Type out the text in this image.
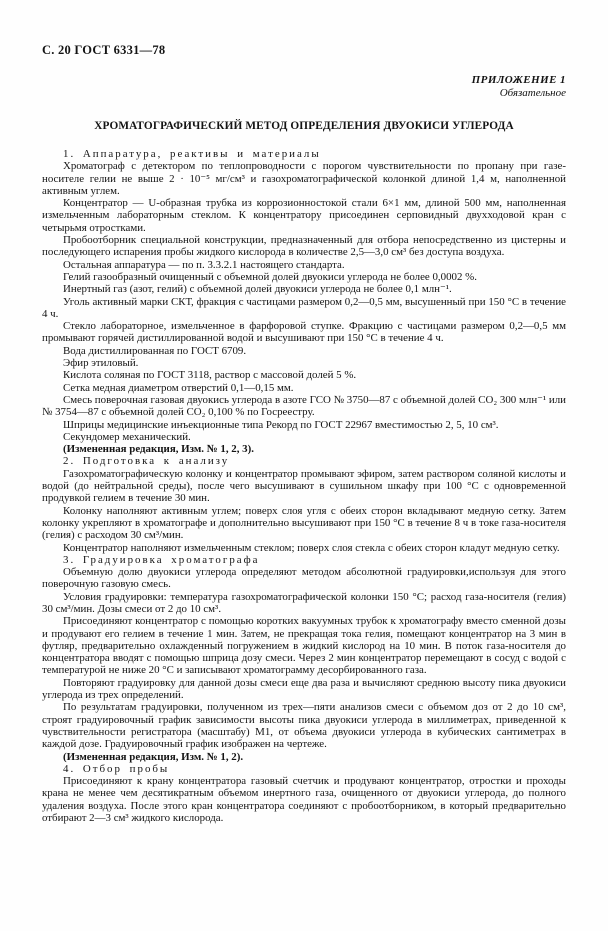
С. 20 ГОСТ 6331—78
ПРИЛОЖЕНИЕ 1
Обязательное
ХРОМАТОГРАФИЧЕСКИЙ МЕТОД ОПРЕДЕЛЕНИЯ ДВУОКИСИ УГЛЕРОДА
1. Аппаратура, реактивы и материалы
Хроматограф с детектором по теплопроводности с порогом чувствительности по пропану при газе-носителе гелии не выше 2 · 10⁻⁵ мг/см³ и газохроматографической колонкой длиной 1,4 м, наполненной активным углем.
Концентратор — U-образная трубка из коррозионностокой стали 6×1 мм, длиной 500 мм, наполненная измельченным лабораторным стеклом. К концентратору присоединен серповидный двухходовой кран с четырьмя отростками.
Пробоотборник специальной конструкции, предназначенный для отбора непосредственно из цистерны и последующего испарения пробы жидкого кислорода в количестве 2,5—3,0 см³ без доступа воздуха.
Остальная аппаратура — по п. 3.3.2.1 настоящего стандарта.
Гелий газообразный очищенный с объемной долей двуокиси углерода не более 0,0002 %.
Инертный газ (азот, гелий) с объемной долей двуокиси углерода не более 0,1 млн⁻¹.
Уголь активный марки СКТ, фракция с частицами размером 0,2—0,5 мм, высушенный при 150 °С в течение 4 ч.
Стекло лабораторное, измельченное в фарфоровой ступке. Фракцию с частицами размером 0,2—0,5 мм промывают горячей дистиллированной водой и высушивают при 150 °С в течение 4 ч.
Вода дистиллированная по ГОСТ 6709.
Эфир этиловый.
Кислота соляная по ГОСТ 3118, раствор с массовой долей 5 %.
Сетка медная диаметром отверстий 0,1—0,15 мм.
Смесь поверочная газовая двуокись углерода в азоте ГСО № 3750—87 с объемной долей СО₂ 300 млн⁻¹ или № 3754—87 с объемной долей СО₂ 0,100 % по Госреестру.
Шприцы медицинские инъекционные типа Рекорд по ГОСТ 22967 вместимостью 2, 5, 10 см³.
Секундомер механический.
(Измененная редакция, Изм. № 1, 2, 3).
2. Подготовка к анализу
Газохроматографическую колонку и концентратор промывают эфиром, затем раствором соляной кислоты и водой (до нейтральной среды), после чего высушивают в сушильном шкафу при 100 °С с одновременной продувкой гелием в течение 30 мин.
Колонку наполняют активным углем; поверх слоя угля с обеих сторон вкладывают медную сетку. Затем колонку укрепляют в хроматографе и дополнительно высушивают при 150 °С в течение 8 ч в токе газа-носителя (гелия) с расходом 30 см³/мин.
Концентратор наполняют измельченным стеклом; поверх слоя стекла с обеих сторон кладут медную сетку.
3. Градуировка хроматографа
Объемную долю двуокиси углерода определяют методом абсолютной градуировки,используя для этого поверочную газовую смесь.
Условия градуировки: температура газохроматографической колонки 150 °С; расход газа-носителя (гелия) 30 см³/мин. Дозы смеси от 2 до 10 см³.
Присоединяют концентратор с помощью коротких вакуумных трубок к хроматографу вместо сменной дозы и продувают его гелием в течение 1 мин. Затем, не прекращая тока гелия, помещают концентратор на 3 мин в футляр, предварительно охлажденный погружением в жидкий кислород на 10 мин. В поток газа-носителя до концентратора вводят с помощью шприца дозу смеси. Через 2 мин концентратор перемещают в сосуд с водой с температурой не ниже 20 °С и записывают хроматограмму десорбированного газа.
Повторяют градуировку для данной дозы смеси еще два раза и вычисляют среднюю высоту пика двуокиси углерода из трех определений.
По результатам градуировки, полученном из трех—пяти анализов смеси с объемом доз от 2 до 10 см³, строят градуировочный график зависимости высоты пика двуокиси углерода в миллиметрах, приведенной к чувствительности регистратора (масштабу) М1, от объема двуокиси углерода в кубических сантиметрах в каждой дозе. Градуировочный график изображен на чертеже.
(Измененная редакция, Изм. № 1, 2).
4. Отбор пробы
Присоединяют к крану концентратора газовый счетчик и продувают концентратор, отростки и проходы крана не менее чем десятикратным объемом инертного газа, очищенного от двуокиси углерода, до полного удаления воздуха. После этого кран концентратора соединяют с пробоотборником, в который предварительно отбирают 2—3 см³ жидкого кислорода.
